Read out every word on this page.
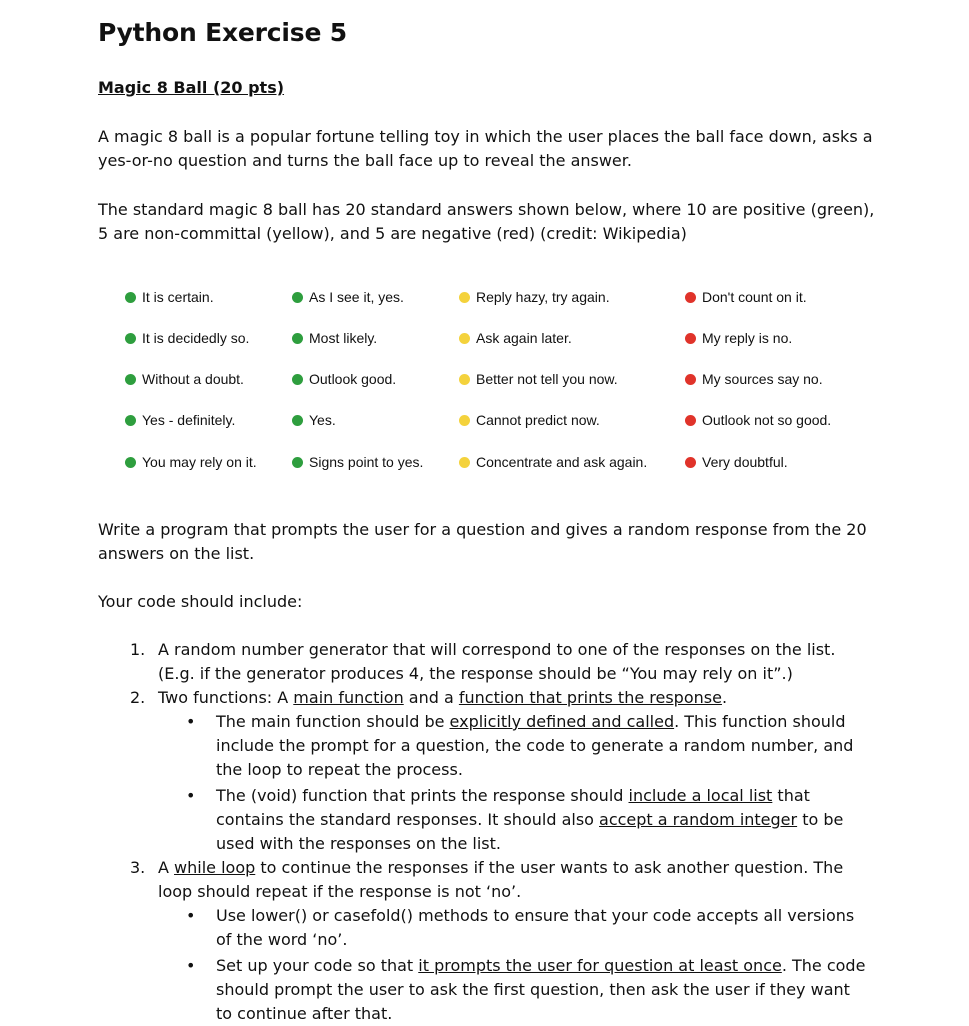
Python Exercise 5
Magic 8 Ball (20 pts)

A magic 8 ball is a popular fortune telling toy in which the user places the ball face down, asks a yes-or-no question and turns the ball face up to reveal the answer.

The standard magic 8 ball has 20 standard answers shown below, where 10 are positive (green), 5 are non-committal (yellow), and 5 are negative (red) (credit: Wikipedia)

It is certain.
It is decidedly so.
Without a doubt.
Yes - definitely.
You may rely on it.
As I see it, yes.
Most likely.
Outlook good.
Yes.
Signs point to yes.
Reply hazy, try again.
Ask again later.
Better not tell you now.
Cannot predict now.
Concentrate and ask again.
Don't count on it.
My reply is no.
My sources say no.
Outlook not so good.
Very doubtful.

Write a program that prompts the user for a question and gives a random response from the 20 answers on the list.

Your code should include:

1. A random number generator that will correspond to one of the responses on the list.
(E.g. if the generator produces 4, the response should be “You may rely on it”.)
2. Two functions: A main function and a function that prints the response.
• The main function should be explicitly defined and called. This function should
include the prompt for a question, the code to generate a random number, and
the loop to repeat the process.
• The (void) function that prints the response should include a local list that
contains the standard responses. It should also accept a random integer to be
used with the responses on the list.
3. A while loop to continue the responses if the user wants to ask another question. The
loop should repeat if the response is not ‘no’.
• Use lower() or casefold() methods to ensure that your code accepts all versions
of the word ‘no’.
• Set up your code so that it prompts the user for question at least once. The code
should prompt the user to ask the first question, then ask the user if they want
to continue after that.
